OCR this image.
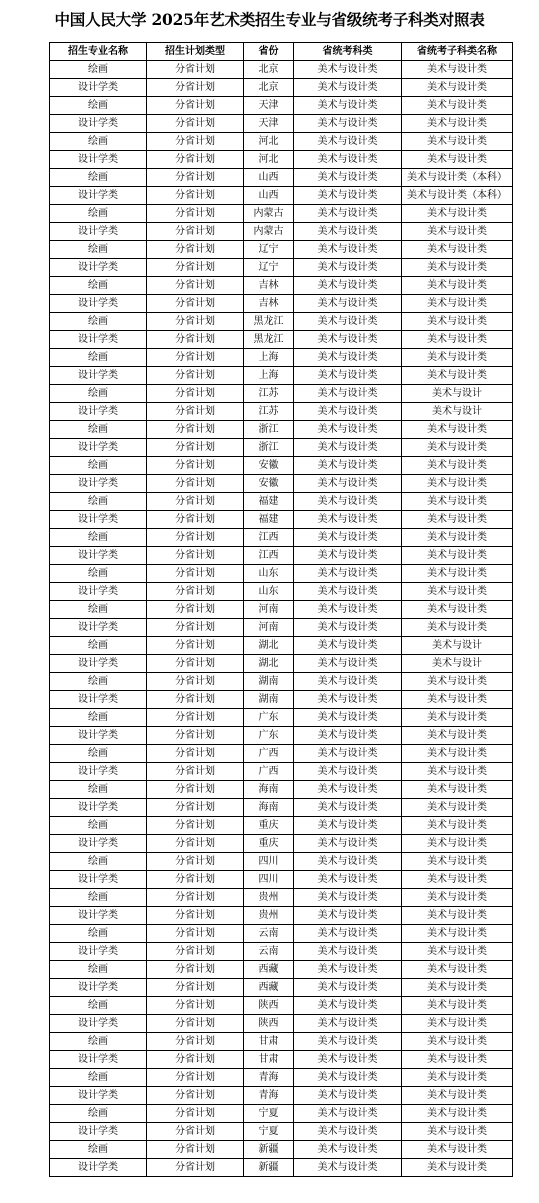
中国人民大学 2025年艺术类招生专业与省级统考子科类对照表
招生专业名称	招生计划类型	省份	省统考科类	省统考子科类名称
绘画	分省计划	北京	美术与设计类	美术与设计类
设计学类	分省计划	北京	美术与设计类	美术与设计类
绘画	分省计划	天津	美术与设计类	美术与设计类
设计学类	分省计划	天津	美术与设计类	美术与设计类
绘画	分省计划	河北	美术与设计类	美术与设计类
设计学类	分省计划	河北	美术与设计类	美术与设计类
绘画	分省计划	山西	美术与设计类	美术与设计类（本科）
设计学类	分省计划	山西	美术与设计类	美术与设计类（本科）
绘画	分省计划	内蒙古	美术与设计类	美术与设计类
设计学类	分省计划	内蒙古	美术与设计类	美术与设计类
绘画	分省计划	辽宁	美术与设计类	美术与设计类
设计学类	分省计划	辽宁	美术与设计类	美术与设计类
绘画	分省计划	吉林	美术与设计类	美术与设计类
设计学类	分省计划	吉林	美术与设计类	美术与设计类
绘画	分省计划	黑龙江	美术与设计类	美术与设计类
设计学类	分省计划	黑龙江	美术与设计类	美术与设计类
绘画	分省计划	上海	美术与设计类	美术与设计类
设计学类	分省计划	上海	美术与设计类	美术与设计类
绘画	分省计划	江苏	美术与设计类	美术与设计
设计学类	分省计划	江苏	美术与设计类	美术与设计
绘画	分省计划	浙江	美术与设计类	美术与设计类
设计学类	分省计划	浙江	美术与设计类	美术与设计类
绘画	分省计划	安徽	美术与设计类	美术与设计类
设计学类	分省计划	安徽	美术与设计类	美术与设计类
绘画	分省计划	福建	美术与设计类	美术与设计类
设计学类	分省计划	福建	美术与设计类	美术与设计类
绘画	分省计划	江西	美术与设计类	美术与设计类
设计学类	分省计划	江西	美术与设计类	美术与设计类
绘画	分省计划	山东	美术与设计类	美术与设计类
设计学类	分省计划	山东	美术与设计类	美术与设计类
绘画	分省计划	河南	美术与设计类	美术与设计类
设计学类	分省计划	河南	美术与设计类	美术与设计类
绘画	分省计划	湖北	美术与设计类	美术与设计
设计学类	分省计划	湖北	美术与设计类	美术与设计
绘画	分省计划	湖南	美术与设计类	美术与设计类
设计学类	分省计划	湖南	美术与设计类	美术与设计类
绘画	分省计划	广东	美术与设计类	美术与设计类
设计学类	分省计划	广东	美术与设计类	美术与设计类
绘画	分省计划	广西	美术与设计类	美术与设计类
设计学类	分省计划	广西	美术与设计类	美术与设计类
绘画	分省计划	海南	美术与设计类	美术与设计类
设计学类	分省计划	海南	美术与设计类	美术与设计类
绘画	分省计划	重庆	美术与设计类	美术与设计类
设计学类	分省计划	重庆	美术与设计类	美术与设计类
绘画	分省计划	四川	美术与设计类	美术与设计类
设计学类	分省计划	四川	美术与设计类	美术与设计类
绘画	分省计划	贵州	美术与设计类	美术与设计类
设计学类	分省计划	贵州	美术与设计类	美术与设计类
绘画	分省计划	云南	美术与设计类	美术与设计类
设计学类	分省计划	云南	美术与设计类	美术与设计类
绘画	分省计划	西藏	美术与设计类	美术与设计类
设计学类	分省计划	西藏	美术与设计类	美术与设计类
绘画	分省计划	陕西	美术与设计类	美术与设计类
设计学类	分省计划	陕西	美术与设计类	美术与设计类
绘画	分省计划	甘肃	美术与设计类	美术与设计类
设计学类	分省计划	甘肃	美术与设计类	美术与设计类
绘画	分省计划	青海	美术与设计类	美术与设计类
设计学类	分省计划	青海	美术与设计类	美术与设计类
绘画	分省计划	宁夏	美术与设计类	美术与设计类
设计学类	分省计划	宁夏	美术与设计类	美术与设计类
绘画	分省计划	新疆	美术与设计类	美术与设计类
设计学类	分省计划	新疆	美术与设计类	美术与设计类
